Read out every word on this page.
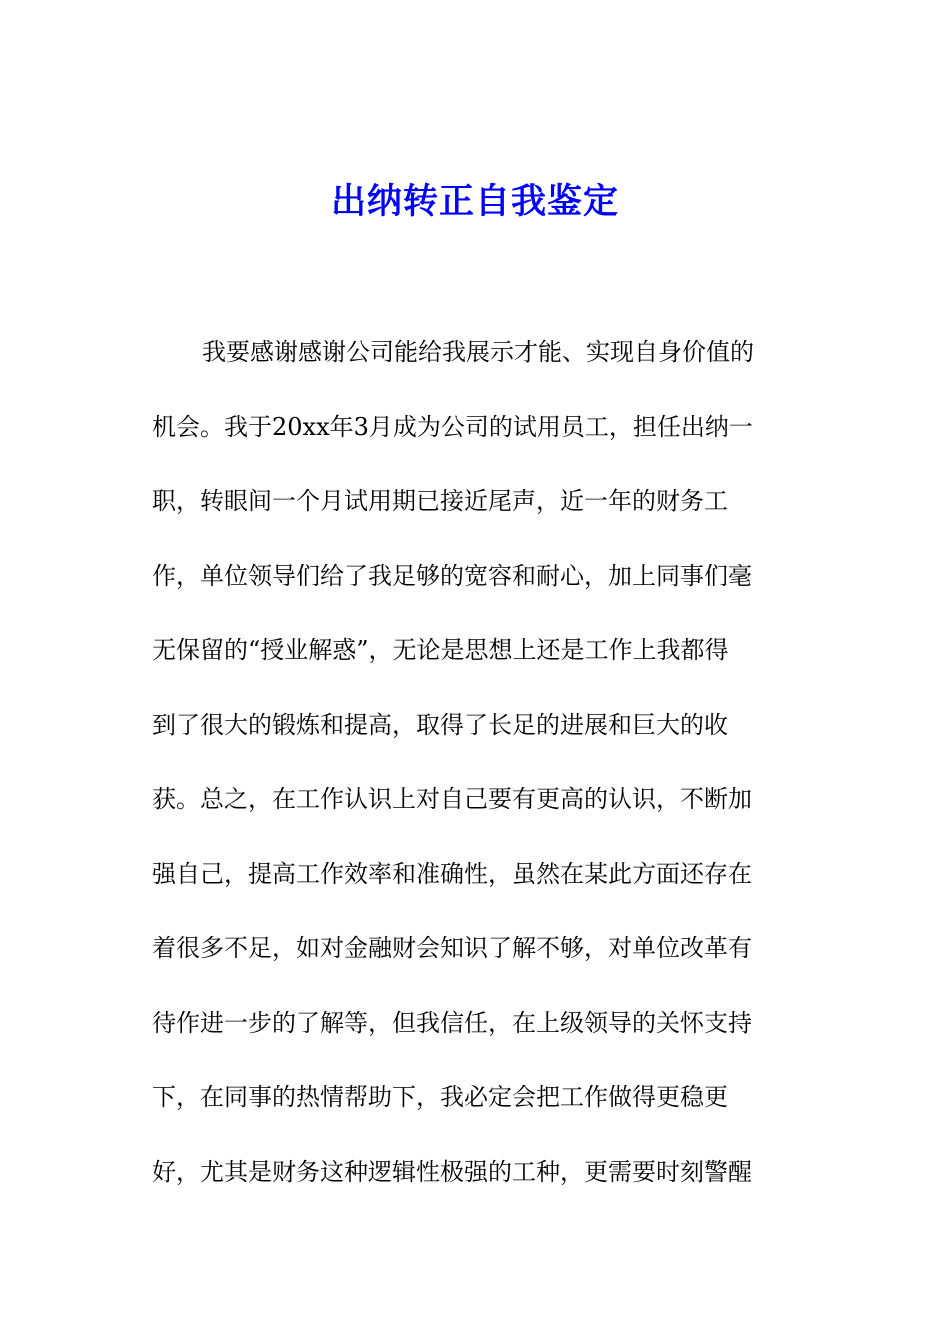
出纳转正自我鉴定
我要感谢感谢公司能给我展示才能、实现自身价值的
机会。我于20xx年3月成为公司的试用员工，担任出纳一
职，转眼间一个月试用期已接近尾声，近一年的财务工
作，单位领导们给了我足够的宽容和耐心，加上同事们毫
无保留的“授业解惑”，无论是思想上还是工作上我都得
到了很大的锻炼和提高，取得了长足的进展和巨大的收
获。总之，在工作认识上对自己要有更高的认识，不断加
强自己，提高工作效率和准确性，虽然在某此方面还存在
着很多不足，如对金融财会知识了解不够，对单位改革有
待作进一步的了解等，但我信任，在上级领导的关怀支持
下，在同事的热情帮助下，我必定会把工作做得更稳更
好，尤其是财务这种逻辑性极强的工种，更需要时刻警醒
